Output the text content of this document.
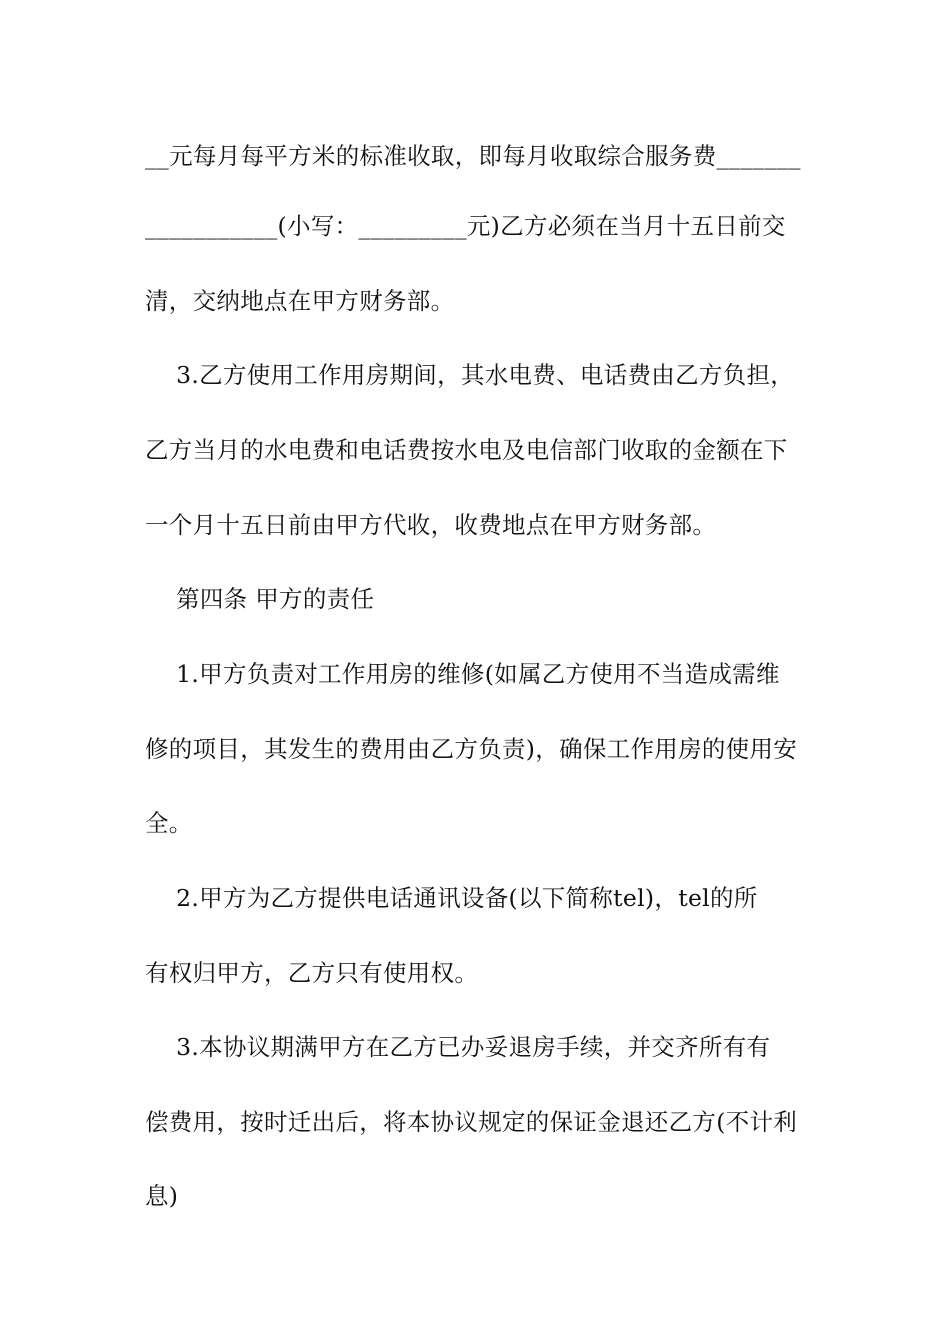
__元每月每平方米的标准收取，即每月收取综合服务费_______
___________(小写：_________元)乙方必须在当月十五日前交
清，交纳地点在甲方财务部。
3.乙方使用工作用房期间，其水电费、电话费由乙方负担，
乙方当月的水电费和电话费按水电及电信部门收取的金额在下
一个月十五日前由甲方代收，收费地点在甲方财务部。
第四条 甲方的责任
1.甲方负责对工作用房的维修(如属乙方使用不当造成需维
修的项目，其发生的费用由乙方负责)，确保工作用房的使用安
全。
2.甲方为乙方提供电话通讯设备(以下简称tel)，tel的所
有权归甲方，乙方只有使用权。
3.本协议期满甲方在乙方已办妥退房手续，并交齐所有有
偿费用，按时迁出后，将本协议规定的保证金退还乙方(不计利
息)
